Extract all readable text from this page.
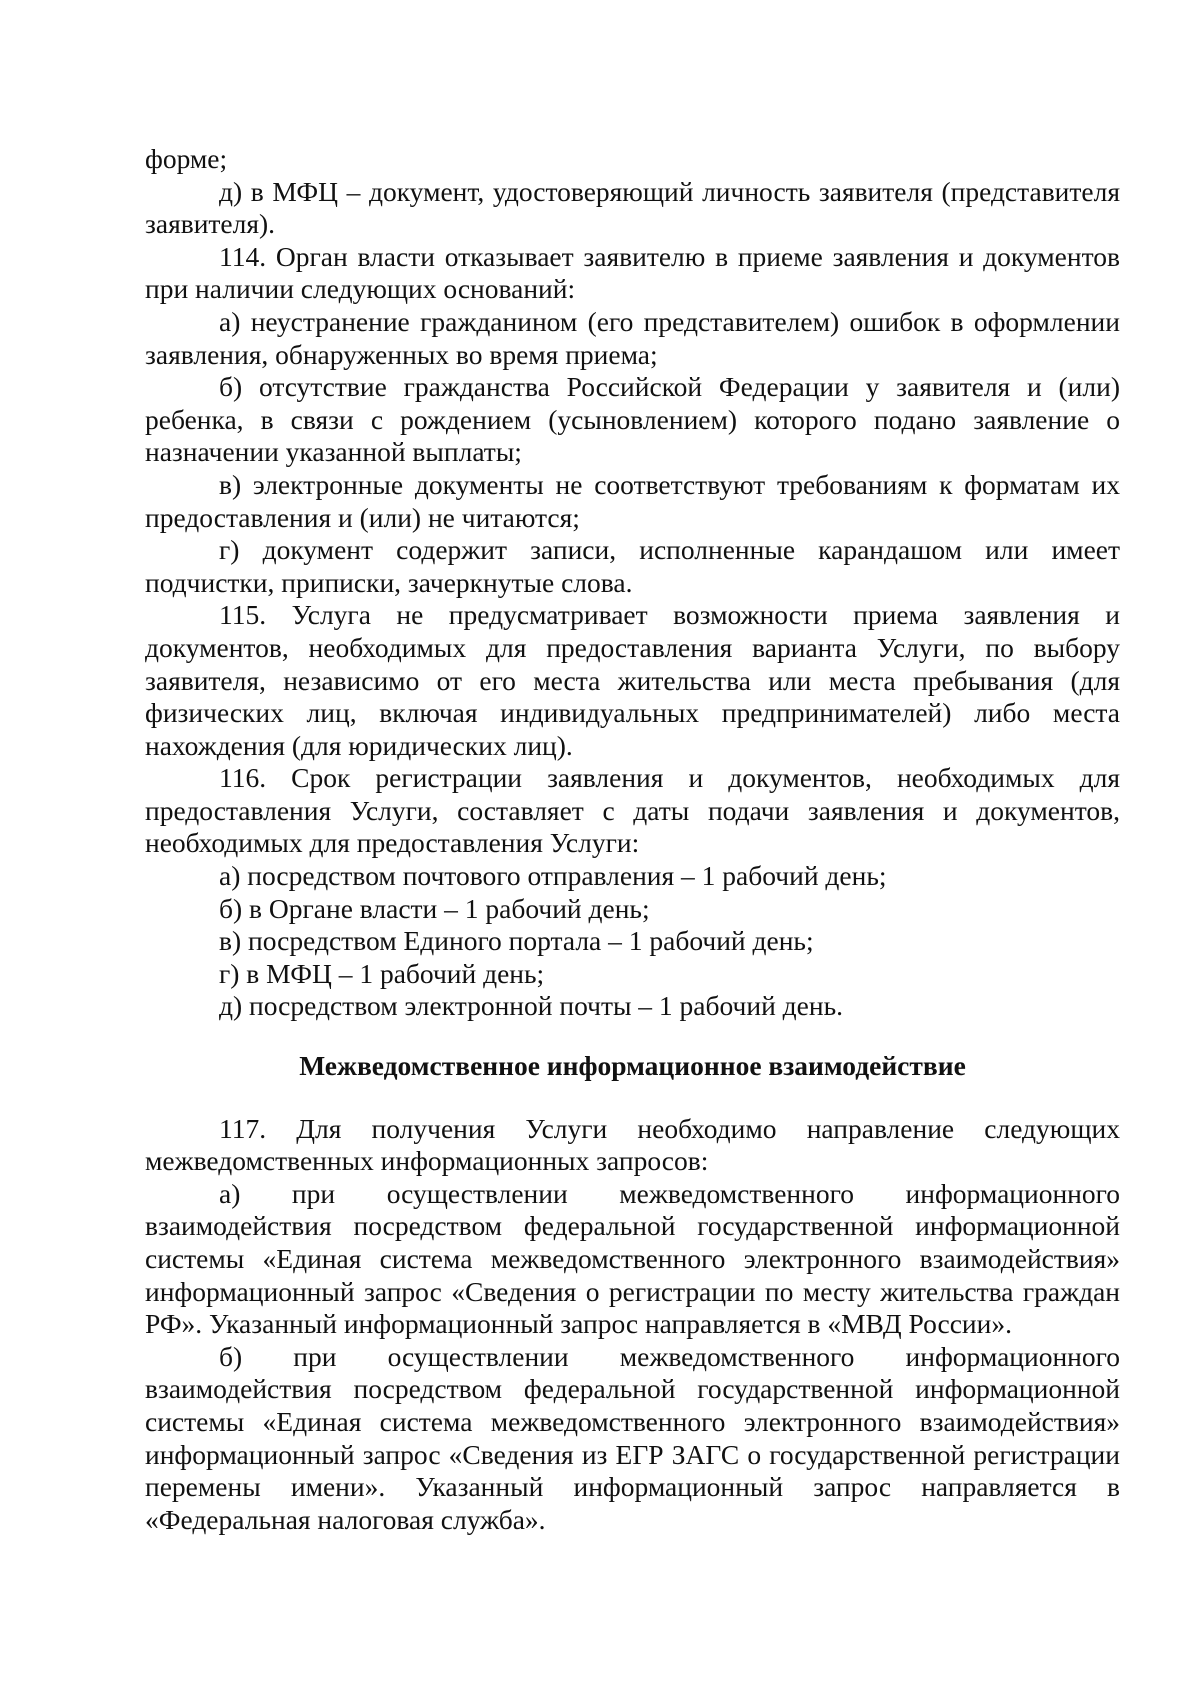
форме;

д) в МФЦ – документ, удостоверяющий личность заявителя (представителя заявителя).

114. Орган власти отказывает заявителю в приеме заявления и документов при наличии следующих оснований:

а) неустранение гражданином (его представителем) ошибок в оформлении заявления, обнаруженных во время приема;

б) отсутствие гражданства Российской Федерации у заявителя и (или) ребенка, в связи с рождением (усыновлением) которого подано заявление о назначении указанной выплаты;

в) электронные документы не соответствуют требованиям к форматам их предоставления и (или) не читаются;

г) документ содержит записи, исполненные карандашом или имеет подчистки, приписки, зачеркнутые слова.

115. Услуга не предусматривает возможности приема заявления и документов, необходимых для предоставления варианта Услуги, по выбору заявителя, независимо от его места жительства или места пребывания (для физических лиц, включая индивидуальных предпринимателей) либо места нахождения (для юридических лиц).

116. Срок регистрации заявления и документов, необходимых для предоставления Услуги, составляет с даты подачи заявления и документов, необходимых для предоставления Услуги:

а) посредством почтового отправления – 1 рабочий день;

б) в Органе власти – 1 рабочий день;

в) посредством Единого портала – 1 рабочий день;

г) в МФЦ – 1 рабочий день;

д) посредством электронной почты – 1 рабочий день.

Межведомственное информационное взаимодействие

117. Для получения Услуги необходимо направление следующих межведомственных информационных запросов:

а) при осуществлении межведомственного информационного взаимодействия посредством федеральной государственной информационной системы «Единая система межведомственного электронного взаимодействия» информационный запрос «Сведения о регистрации по месту жительства граждан РФ». Указанный информационный запрос направляется в «МВД России».

б) при осуществлении межведомственного информационного взаимодействия посредством федеральной государственной информационной системы «Единая система межведомственного электронного взаимодействия» информационный запрос «Сведения из ЕГР ЗАГС о государственной регистрации перемены имени». Указанный информационный запрос направляется в «Федеральная налоговая служба».
